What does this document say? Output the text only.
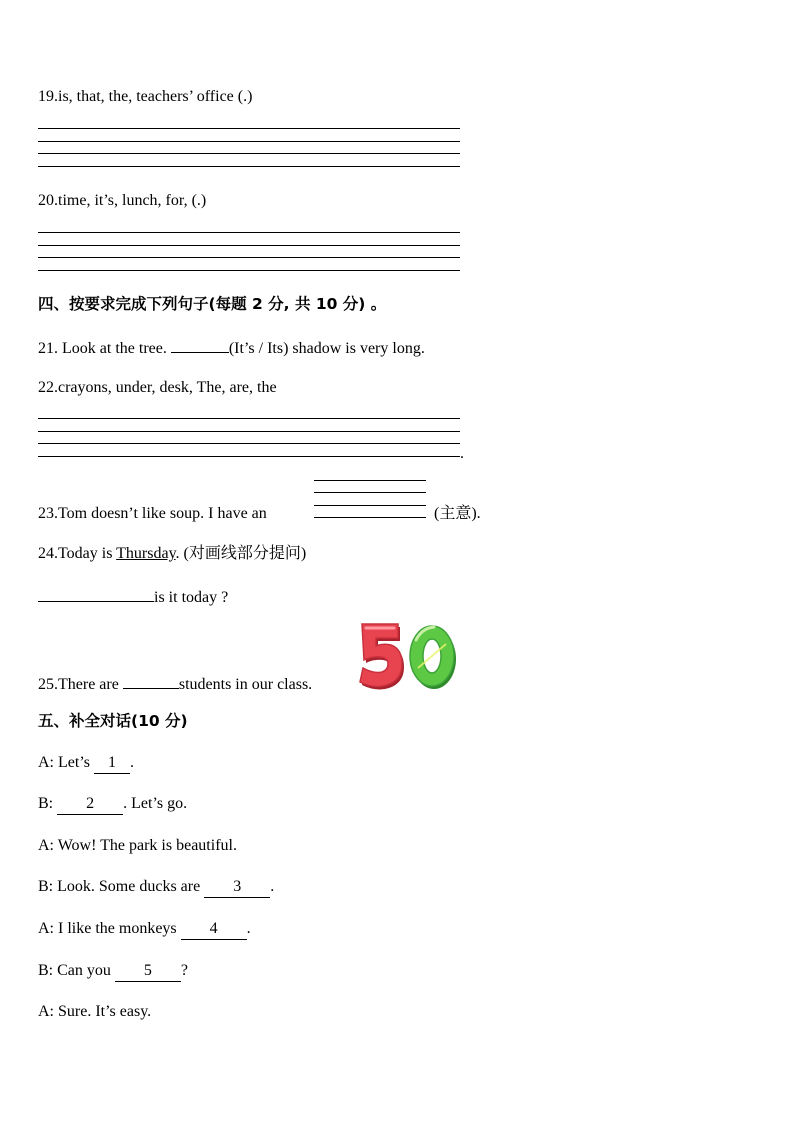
19.is, that, the, teachers’ office (.)
20.time, it’s, lunch, for, (.)
四、按要求完成下列句子(每题 2 分, 共 10 分) 。
21. Look at the tree.	(It’s / Its) shadow is very long.
22.crayons, under, desk, The, are, the
.
23.Tom doesn’t like soup. I have an	(主意).
24.Today is Thursday. (对画线部分提问)
is it today ?
25.There are	students in our class.
五、补全对话(10 分)
A: Let’s 1 .
B: 2 . Let’s go.
A: Wow! The park is beautiful.
B: Look. Some ducks are 3 .
A: I like the monkeys 4 .
B: Can you 5 ?
A: Sure. It’s easy.
